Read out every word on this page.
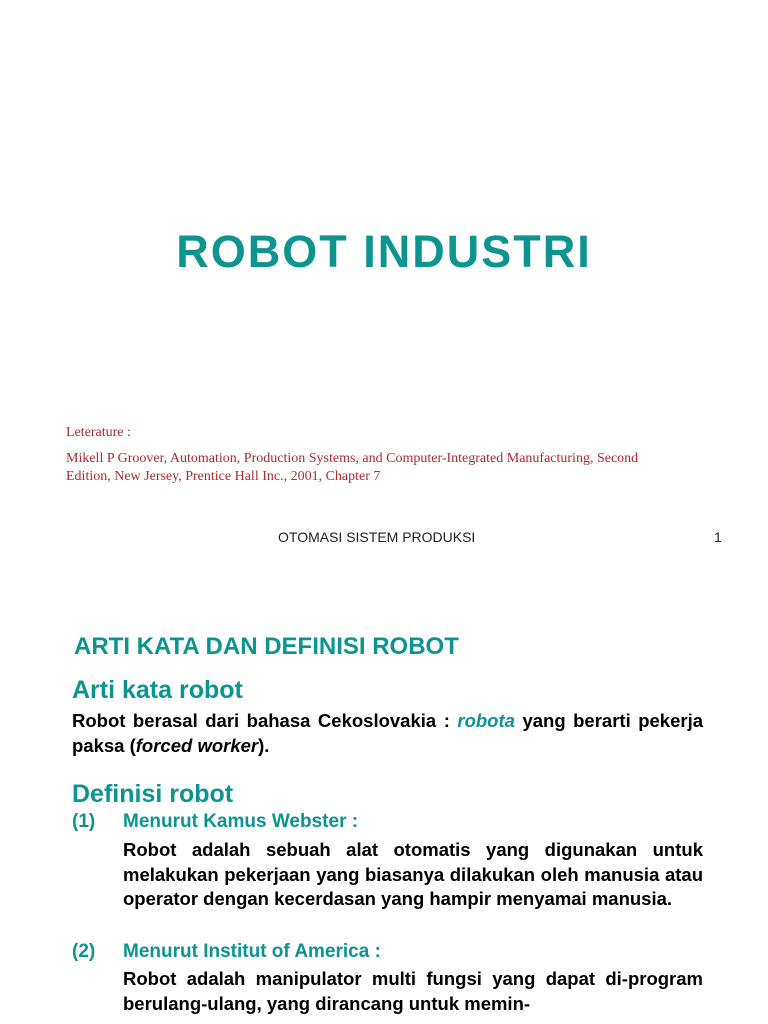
ROBOT INDUSTRI
Leterature :
Mikell P Groover, Automation, Production Systems, and Computer-Integrated Manufacturing, Second
Edition, New Jersey, Prentice Hall Inc., 2001, Chapter 7
OTOMASI SISTEM PRODUKSI	1
ARTI KATA DAN DEFINISI ROBOT
Arti kata robot
Robot berasal dari bahasa Cekoslovakia : robota yang berarti pekerja paksa (forced worker).
Definisi robot
(1) Menurut Kamus Webster :
Robot adalah sebuah alat otomatis yang digunakan untuk melakukan pekerjaan yang biasanya dilakukan oleh manusia atau operator dengan kecerdasan yang hampir menyamai manusia.
(2) Menurut Institut of America :
Robot adalah manipulator multi fungsi yang dapat di-program berulang-ulang, yang dirancang untuk memin-
